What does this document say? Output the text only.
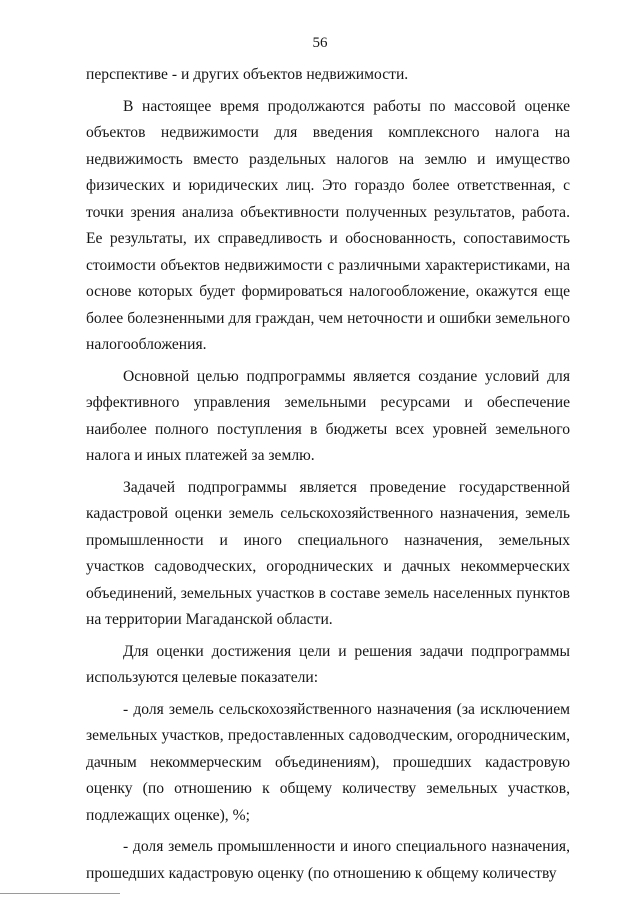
56

перспективе - и других объектов недвижимости.

В настоящее время продолжаются работы по массовой оценке объектов недвижимости для введения комплексного налога на недвижимость вместо раздельных налогов на землю и имущество физических и юридических лиц. Это гораздо более ответственная, с точки зрения анализа объективности полученных результатов, работа. Ее результаты, их справедливость и обоснованность, сопоставимость стоимости объектов недвижимости с различными характеристиками, на основе которых будет формироваться налогообложение, окажутся еще более болезненными для граждан, чем неточности и ошибки земельного налогообложения.

Основной целью подпрограммы является создание условий для эффективного управления земельными ресурсами и обеспечение наиболее полного поступления в бюджеты всех уровней земельного налога и иных платежей за землю.

Задачей подпрограммы является проведение государственной кадастровой оценки земель сельскохозяйственного назначения, земель промышленности и иного специального назначения, земельных участков садоводческих, огороднических и дачных некоммерческих объединений, земельных участков в составе земель населенных пунктов на территории Магаданской области.

Для оценки достижения цели и решения задачи подпрограммы используются целевые показатели:

- доля земель сельскохозяйственного назначения (за исключением земельных участков, предоставленных садоводческим, огородническим, дачным некоммерческим объединениям), прошедших кадастровую оценку (по отношению к общему количеству земельных участков, подлежащих оценке), %;

- доля земель промышленности и иного специального назначения, прошедших кадастровую оценку (по отношению к общему количеству
